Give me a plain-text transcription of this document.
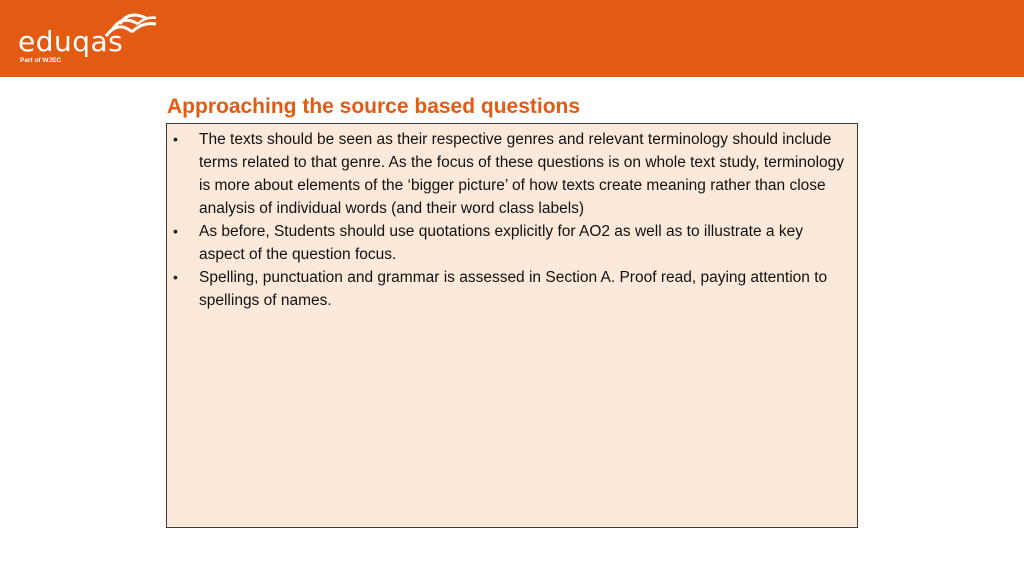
eduqas
Part of WJEC
Approaching the source based questions
• The texts should be seen as their respective genres and relevant terminology should include terms related to that genre. As the focus of these questions is on whole text study, terminology is more about elements of the ‘bigger picture’ of how texts create meaning rather than close analysis of individual words (and their word class labels)
• As before, Students should use quotations explicitly for AO2 as well as to illustrate a key aspect of the question focus.
• Spelling, punctuation and grammar is assessed in Section A. Proof read, paying attention to spellings of names.
